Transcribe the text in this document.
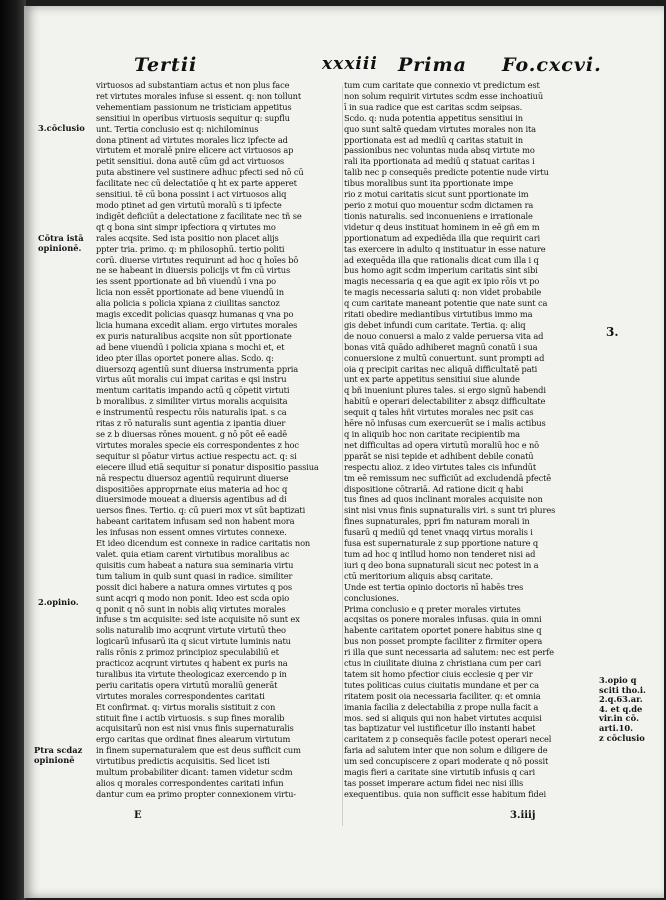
Tertii	xxxiii Prima Fo.cxcvi.
virtuosos ad substantiam actus et non plus face
ret virtutes morales infuse si essent. q: non tollunt
vehementiam passionum ne tristiciam appetitus
sensitiui in operibus virtuosis sequitur q: supflu
unt. Tertia conclusio est q: nichilominus
dona ptinent ad virtutes morales licz ipfecte ad
virtutem et moralē pnire elicere act virtuosos ap
petit sensitiui. dona autē cūm gd act virtuosos
puta abstinere vel sustinere adhuc pfecti sed nō cū
facilitate nec cū delectatiōe q ht ex parte apperet
sensitiui. tē cū bona possint i act virtuosos aliq
modo ptinet ad gen virtutū moralū s ti ipfecte
indigēt deficiūt a delectatione z facilitate nec tñ se
qt q bona sint simpr ipfectiora q virtutes mo
rales acqsite. Sed ista positio non placet alijs
ppter tria. primo. q: m philosophū. tertio politi
corū. diuerse virtutes requirunt ad hoc q hoīes bō
ne se habeant in diuersis policijs vt fm cū virtus
ies ssent pportionate ad bñ viuendū i vna po
licia non essēt pportionate ad bene viuendū in
alia policia s policia xpiana z ciuilitas sanctoz
magis excedit policias quasqz humanas q vna po
licia humana excedit aliam. ergo virtutes morales
ex puris naturalibus acqsite non sūt pportionate
ad bene viuendū i policia xpiana s mochi et, et
ideo pter illas oportet ponere alias. Scdo. q:
diuersozq agentiū sunt diuersa instrumenta ppria
virtus aūt moralis cui impat caritas e qsi instru
mentum caritatis impando actū q cōpetit virtuti
b moralibus. z similiter virtus moralis acquisita
e instrumentū respectu rōis naturalis ipat. s ca
ritas z rō naturalis sunt agentia z ipantia diuer
se z b diuersas rōnes mouent. g nō pōt eē eadē
virtutes morales specie eis correspondentes z hoc
sequitur si pōatur virtus actiue respectu act. q: si
eiecere illud etiā sequitur si ponatur dispositio passiua
nā respectu diuersoz agentiū requirunt diuerse
dispositiōes approprnate eius materia ad hoc q
diuersimode moueat a diuersis agentibus ad di
uersos fines. Tertio. q: cū pueri mox vt sūt baptizati
habeant caritatem infusam sed non habent mora
les infusas non essent omnes virtutes connexe.
Et ideo dicendum est connexe in radice caritatis non
valet. quia etiam carent virtutibus moralibus ac
quisitis cum habeat a natura sua seminaria virtu
tum talium in quib sunt quasi in radice. similiter
possit dici habere a natura omnes virtutes q pos
sunt acqri q modo non ponit. Ideo est scda opio
q ponit q nō sunt in nobis aliq virtutes morales
infuse s tm acquisite: sed iste acquisite nō sunt ex
solis naturalib imo acqrunt virtute virtutū theo
logicarū infusarū ita q sicut virtute luminis natu
ralis rōnis z primoz principioz speculabiliū et
practicoz acqrunt virtutes q habent ex puris na
turalibus ita virtute theologicaz exercendo p in
periu caritatis opera virtutū moraliū generāt
virtutes morales correspondentes caritati
Et confirmat. q: virtus moralis sistituit z con
stituit fine i actib virtuosis. s sup fines moralib
acquisitarū non est nisi vnus finis supernaturalis
ergo caritas que ordinat fines alearum virtutum
in finem supernaturalem que est deus sufficit cum
virtutibus predictis acquisitis. Sed licet isti
multum probabiliter dicant: tamen videtur scdm
alios q morales correspondentes caritati infun
dantur cum ea primo propter connexionem virtu-
tum cum caritate que connexio vt predictum est
non solum requirit virtutes scdm esse inchoatiuū
ī in sua radice que est caritas scdm seipsas.
Scdo. q: nuda potentia appetitus sensitiui in
quo sunt saltē quedam virtutes morales non ita
pportionata est ad mediū q caritas statuit in
passionibus nec voluntas nuda absq virtute mo
rali ita pportionata ad mediū q statuat caritas i
talib nec p consequēs predicte potentie nude virtu
tibus moralibus sunt ita pportionate impe
rio z motui caritatis sicut sunt pportionate im
perio z motui quo mouentur scdm dictamen ra
tionis naturalis. sed inconueniens e irrationale
videtur q deus instituat hominem in eē gñ em m
pportionatum ad expediēda illa que requirit cari
tas exercere in adulto q instituatur in esse nature
ad exequēda illa que rationalis dicat cum illa i q
bus homo agit scdm imperium caritatis sint sibi
magis necessaria q ea que agit ex ipio rōis vt po
te magis necessaria saluti q: non videt probabile
q cum caritate maneant potentie que nate sunt ca
ritati obedire mediantibus virtutibus immo ma
gis debet infundi cum caritate. Tertia. q: aliq
de nouo conuersi a malo z valde peruersa vita ad
bonas vitā quādo adhiberet magnū conatū i sua
conuersione z multū conuertunt. sunt prompti ad
oia q precipit caritas nec aliquā difficultatē pati
unt ex parte appetitus sensitiui siue alunde
q bñ inueniunt plures tales. si ergo signū habendi
habitū e operari delectabiliter z absqz difficultate
sequit q tales hñt virtutes morales nec psit cas
hēre nō infusas cum exercuerūt se i malis actibus
q in aliquib hoc non caritate recipientib ma
net difficultas ad opera virtutū moraliū hoc e nō
pparāt se nisi tepide et adhibent debile conatū
respectu alioz. z ideo virtutes tales cis infundūt
tm eē remissum nec sufficiūt ad excludendā pfectē
dispositione cōtrariā. Ad ratione dicit q habi
tus fines ad quos inclinant morales acquisite non
sint nisi vnus finis supnaturalis viri. s sunt tri plures
fines supnaturales, ppri fm naturam morali in
fusarū q mediū qd tenet vnaqq virtus moralis i
fusa est supernaturale z sup pportione nature q
tum ad hoc q intllud homo non tenderet nisi ad
iuri q deo bona supnaturali sicut nec potest in a
ctū meritorium aliquis absq caritate.
Unde est tertia opinio doctoris nī habēs tres
conclusiones.
Prima conclusio e q preter morales virtutes
acqsitas os ponere morales infusas. quia in omni
habente caritatem oportet ponere habitus sine q
bus non posset prompte faciliter z firmiter opera
ri illa que sunt necessaria ad salutem: nec est perfe
ctus in ciuilitate diuina z christiana cum per cari
tatem sit homo pfectior ciuis ecclesie q per vir
tutes politicas cuius ciuitatis mundane et per ca
ritatem posit oia necessaria faciliter. q: et omnia
imania facilia z delectabilia z prope nulla facit a
mos. sed si aliquis qui non habet virtutes acquisi
tas baptizatur vel iustificetur illo instanti habet
caritatem z p consequēs facile potest operari necel
faria ad salutem inter que non solum e diligere de
um sed concupiscere z opari moderate q nō possit
magis fieri a caritate sine virtutib infusis q cari
tas posset imperare actum fidei nec nisi illis
exequentibus. quia non sufficit esse habitum fidei
3.cōclusio
Cōtra istā
opinionē.
2.opinio.
Ptra scdaz
opinionē
3.
3.opio q
sciti tho.i.
2.q.63.ar.
4. et q.de
vir.in cō.
arti.10.
z cōclusio
E	3.iiij
